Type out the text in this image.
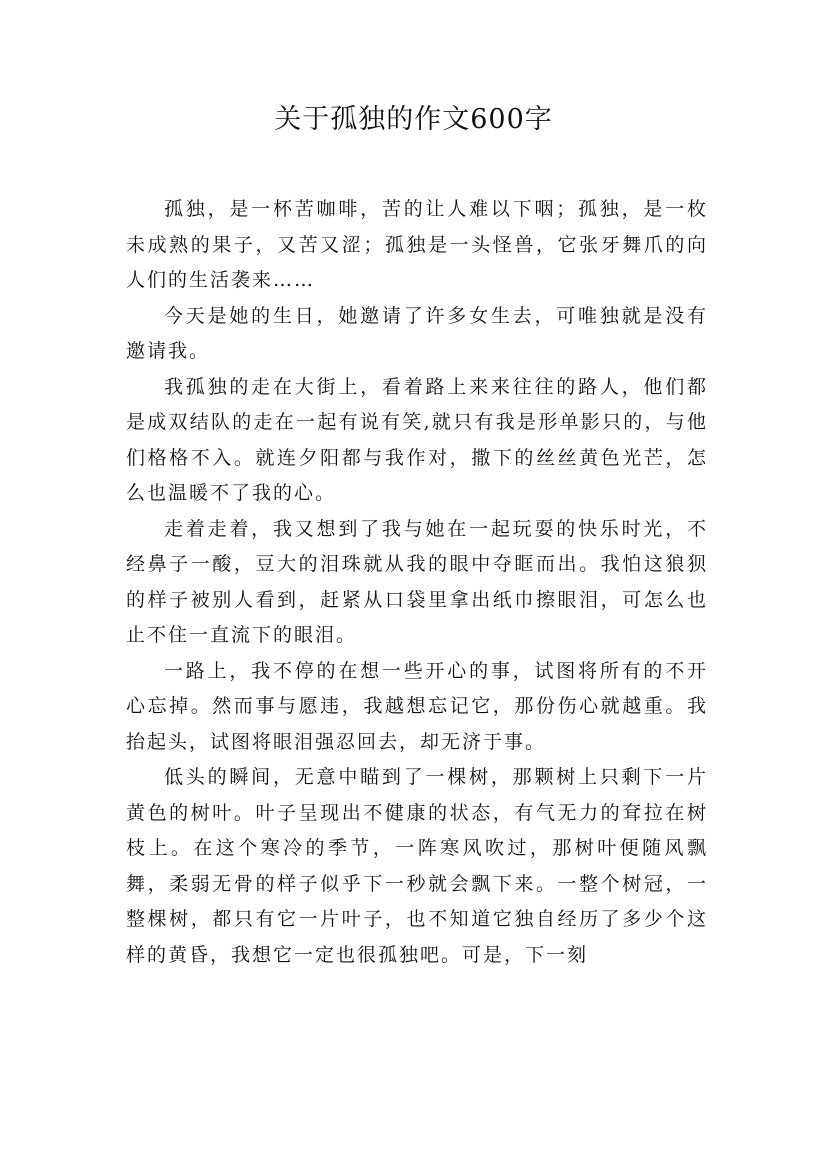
关于孤独的作文600字

孤独，是一杯苦咖啡，苦的让人难以下咽；孤独，是一枚未成熟的果子，又苦又涩；孤独是一头怪兽，它张牙舞爪的向人们的生活袭来……

今天是她的生日，她邀请了许多女生去，可唯独就是没有邀请我。

我孤独的走在大街上，看着路上来来往往的路人，他们都是成双结队的走在一起有说有笑,就只有我是形单影只的，与他们格格不入。就连夕阳都与我作对，撒下的丝丝黄色光芒，怎么也温暖不了我的心。

走着走着，我又想到了我与她在一起玩耍的快乐时光，不经鼻子一酸，豆大的泪珠就从我的眼中夺眶而出。我怕这狼狈的样子被别人看到，赶紧从口袋里拿出纸巾擦眼泪，可怎么也止不住一直流下的眼泪。

一路上，我不停的在想一些开心的事，试图将所有的不开心忘掉。然而事与愿违，我越想忘记它，那份伤心就越重。我抬起头，试图将眼泪强忍回去，却无济于事。

低头的瞬间，无意中瞄到了一棵树，那颗树上只剩下一片黄色的树叶。叶子呈现出不健康的状态，有气无力的耷拉在树枝上。在这个寒冷的季节，一阵寒风吹过，那树叶便随风飘舞，柔弱无骨的样子似乎下一秒就会飘下来。一整个树冠，一整棵树，都只有它一片叶子，也不知道它独自经历了多少个这样的黄昏，我想它一定也很孤独吧。可是，下一刻
